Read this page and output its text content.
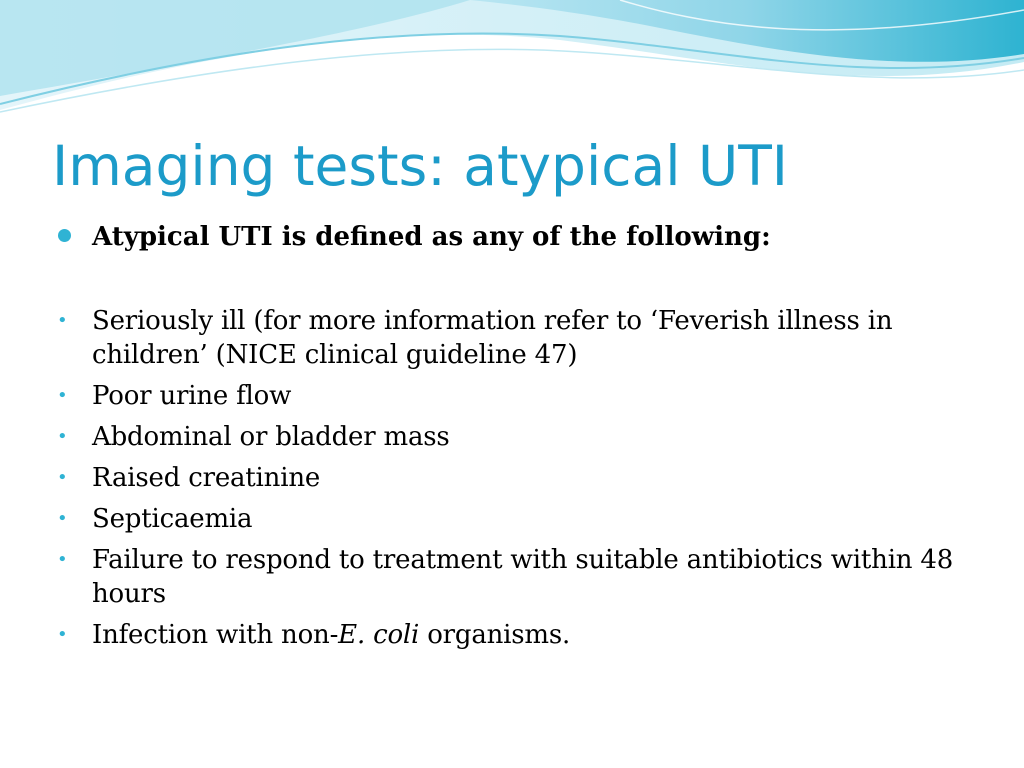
Imaging tests: atypical UTI
Atypical UTI is defined as any of the following:
• Seriously ill (for more information refer to ‘Feverish illness in children’ (NICE clinical guideline 47)
• Poor urine flow
• Abdominal or bladder mass
• Raised creatinine
• Septicaemia
• Failure to respond to treatment with suitable antibiotics within 48 hours
• Infection with non-E. coli organisms.
